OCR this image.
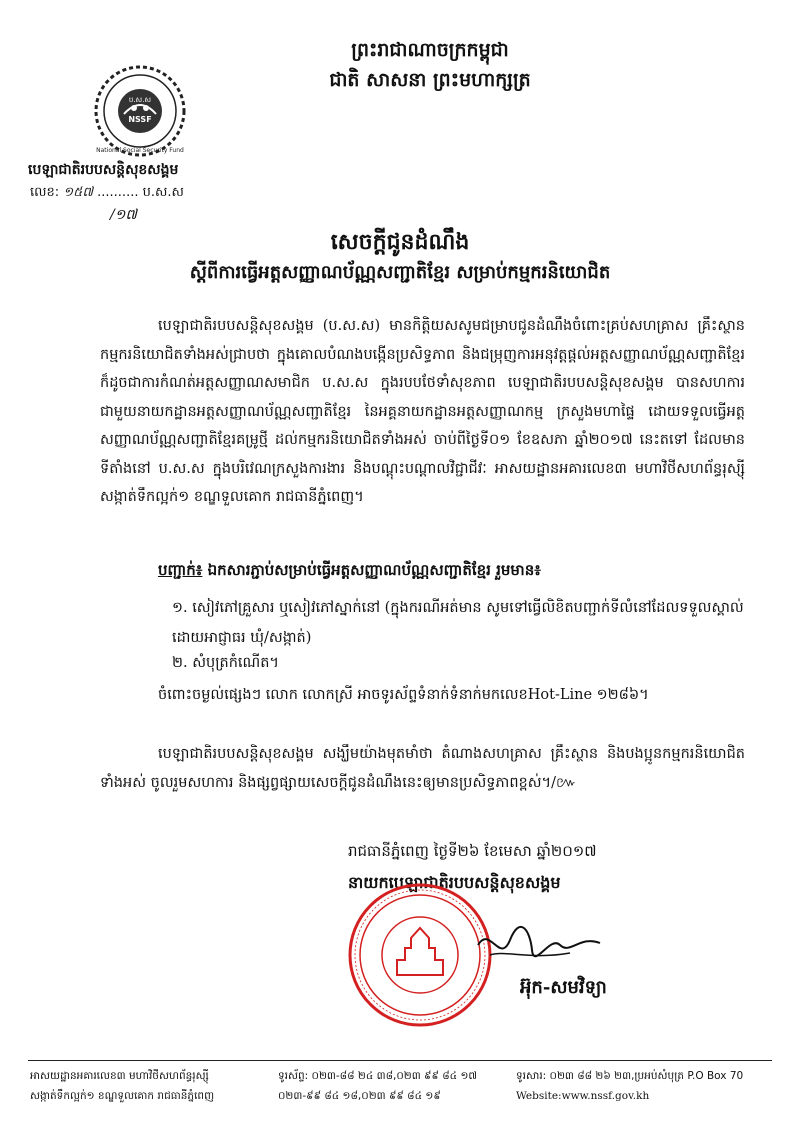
ព្រះរាជាណាចក្រកម្ពុជា
ជាតិ សាសនា ព្រះមហាក្សត្រ
ប.ស.ស
NSSF
National Social Security Fund
បេឡាជាតិរបបសន្តិសុខសង្គម
លេខ: ១៥៧ .......... ប.ស.ស
/១៧
សេចក្តីជូនដំណឹង
ស្តីពីការធ្វើអត្តសញ្ញាណប័ណ្ណសញ្ជាតិខ្មែរ សម្រាប់កម្មករនិយោជិត
បេឡាជាតិរបបសន្តិសុខសង្គម (ប.ស.ស) មានកិត្តិយសសូមជម្រាបជូនដំណឹងចំពោះគ្រប់សហគ្រាស គ្រឹះស្ថាន កម្មករនិយោជិតទាំងអស់ជ្រាបថា ក្នុងគោលបំណងបង្កើនប្រសិទ្ធភាព និងជម្រុញការអនុវត្តផ្តល់អត្តសញ្ញាណប័ណ្ណសញ្ជាតិខ្មែរ ក៏ដូចជាការកំណត់អត្តសញ្ញាណសមាជិក ប.ស.ស ក្នុងរបបថែទាំសុខភាព បេឡាជាតិរបបសន្តិសុខសង្គម បានសហការជាមួយនាយកដ្ឋានអត្តសញ្ញាណប័ណ្ណសញ្ជាតិខ្មែរ នៃអគ្គនាយកដ្ឋានអត្តសញ្ញាណកម្ម ក្រសួងមហាផ្ទៃ ដោយទទួលធ្វើអត្តសញ្ញាណប័ណ្ណសញ្ជាតិខ្មែរគម្រូថ្មី ដល់កម្មករនិយោជិតទាំងអស់ ចាប់ពីថ្ងៃទី០១ ខែឧសភា ឆ្នាំ២០១៧ នេះតទៅ ដែលមានទីតាំងនៅ ប.ស.ស ក្នុងបរិវេណក្រសួងការងារ និងបណ្តុះបណ្តាលវិជ្ជាជីវៈ អាសយដ្ឋានអគារលេខ៣ មហាវិថីសហព័ន្ធរុស្ស៊ី សង្កាត់ទឹកល្អក់១ ខណ្ឌទួលគោក រាជធានីភ្នំពេញ។
បញ្ជាក់៖ ឯកសារភ្ជាប់សម្រាប់ធ្វើអត្តសញ្ញាណប័ណ្ណសញ្ជាតិខ្មែរ រួមមាន៖
១. សៀវភៅគ្រួសារ ឬសៀវភៅស្នាក់នៅ (ក្នុងករណីអត់មាន សូមទៅធ្វើលិខិតបញ្ជាក់ទីលំនៅដែលទទួលស្គាល់ដោយអាជ្ញាធរ ឃុំ/សង្កាត់)
២. សំបុត្រកំណើត។
ចំពោះចម្ងល់ផ្សេងៗ លោក លោកស្រី អាចទូរស័ព្ទទំនាក់ទំនាក់មកលេខHot-Line ១២៨៦។
បេឡាជាតិរបបសន្តិសុខសង្គម សង្ឃឹមយ៉ាងមុតមាំថា តំណាងសហគ្រាស គ្រឹះស្ថាន និងបងប្អូនកម្មករនិយោជិតទាំងអស់ ចូលរួមសហការ និងផ្សព្វផ្សាយសេចក្តីជូនដំណឹងនេះឲ្យមានប្រសិទ្ធភាពខ្ពស់។/៚
រាជធានីភ្នំពេញ ថ្ងៃទី២៦ ខែមេសា ឆ្នាំ២០១៧
នាយកបេឡាជាតិរបបសន្តិសុខសង្គម
អ៊ុក-សមវិទ្យា
អាសយដ្ឋានអគារលេខ៣ មហាវិថីសហព័ន្ធរុស្ស៊ី
សង្កាត់ទឹកល្អក់១ ខណ្ឌទួលគោក រាជធានីភ្នំពេញ
ទូរស័ព្ទ: ០២៣-៨៨ ២៤ ៣៨,០២៣ ៩៩ ៨៤ ១៧
០២៣-៩៩ ៨៤ ១៨,០២៣ ៩៩ ៨៤ ១៩
ទូរសារ: ០២៣ ៨៨ ២៦ ២៣,ប្រអប់សំបុត្រ P.O Box 70
Website:www.nssf.gov.kh
